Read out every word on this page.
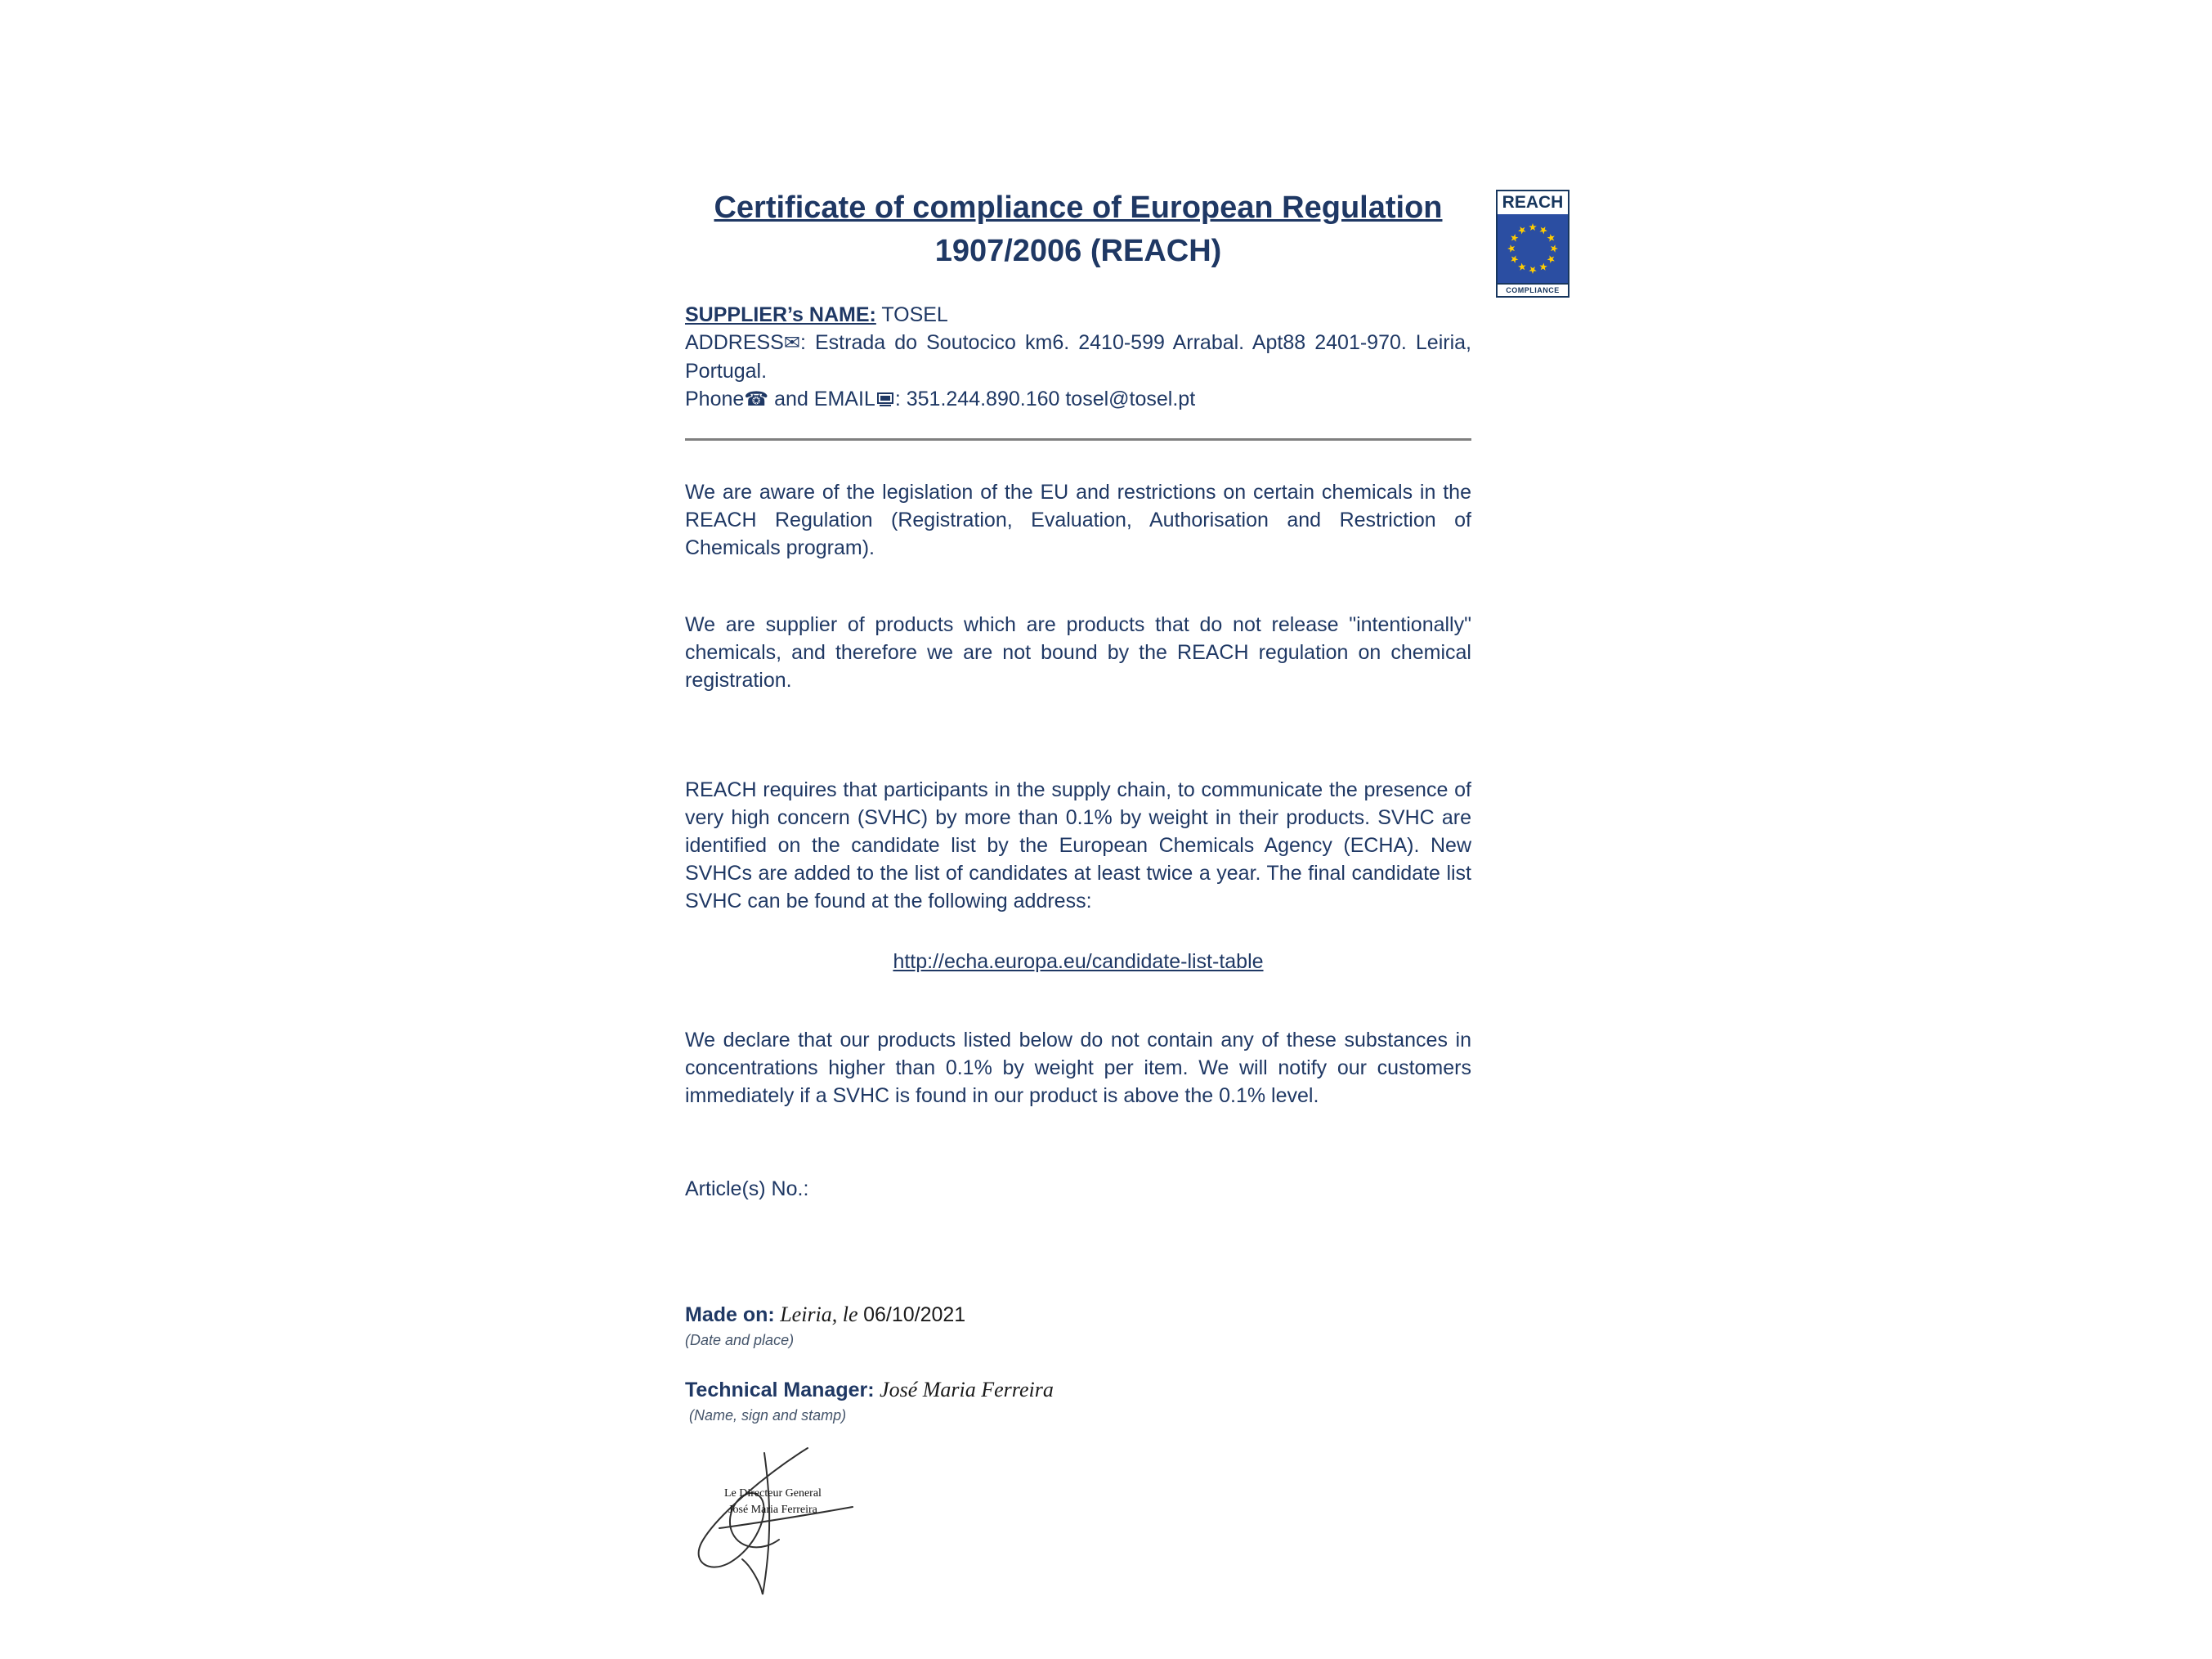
Certificate of compliance of European Regulation
1907/2006 (REACH)
REACH
COMPLIANCE

SUPPLIER’s NAME: TOSEL

ADDRESS✉: Estrada do Soutocico km6. 2410-599 Arrabal. Apt88 2401-970. Leiria, Portugal.

Phone☎ and EMAIL : 351.244.890.160 tosel@tosel.pt

We are aware of the legislation of the EU and restrictions on certain chemicals in the REACH Regulation (Registration, Evaluation, Authorisation and Restriction of Chemicals program).

We are supplier of products which are products that do not release "intentionally" chemicals, and therefore we are not bound by the REACH regulation on chemical registration.

REACH requires that participants in the supply chain, to communicate the presence of very high concern (SVHC) by more than 0.1% by weight in their products. SVHC are identified on the candidate list by the European Chemicals Agency (ECHA). New SVHCs are added to the list of candidates at least twice a year. The final candidate list SVHC can be found at the following address:

http://echa.europa.eu/candidate-list-table

We declare that our products listed below do not contain any of these substances in concentrations higher than 0.1% by weight per item. We will notify our customers immediately if a SVHC is found in our product is above the 0.1% level.

Article(s) No.:

Made on: Leiria, le 06/10/2021

(Date and place)

Technical Manager: José Maria Ferreira

(Name, sign and stamp)

Le Directeur General
José Maria Ferreira
